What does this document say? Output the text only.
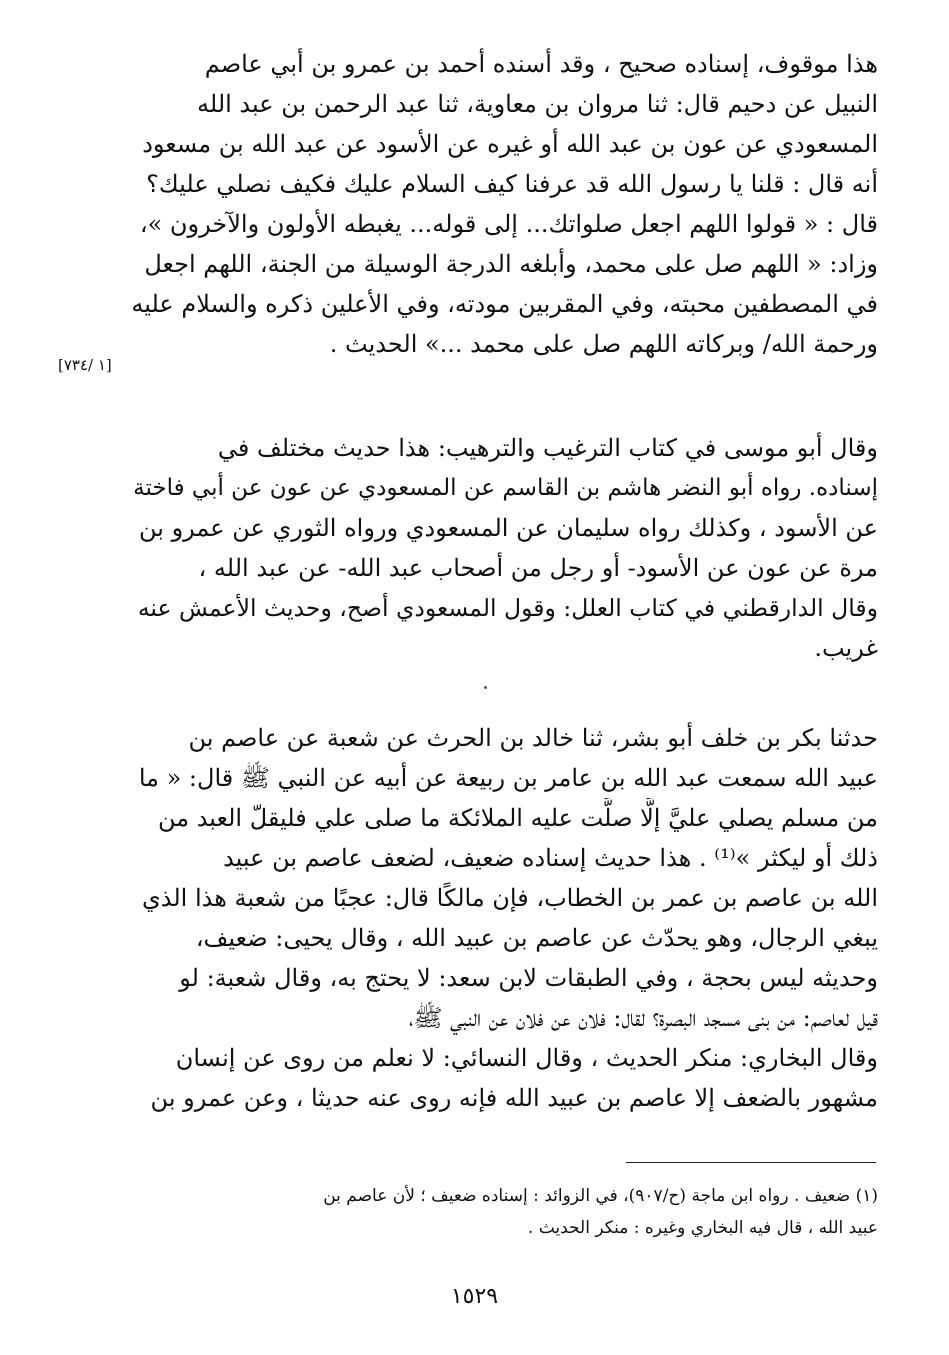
هذا موقوف، إسناده صحيح ، وقد أسنده أحمد بن عمرو بن أبي عاصم
النبيل عن دحيم قال: ثنا مروان بن معاوية، ثنا عبد الرحمن بن عبد الله
المسعودي عن عون بن عبد الله أو غيره عن الأسود عن عبد الله بن مسعود
أنه قال : قلنا يا رسول الله قد عرفنا كيف السلام عليك فكيف نصلي عليك؟
قال : « قولوا اللهم اجعل صلواتك... إلى قوله... يغبطه الأولون والآخرون »،
وزاد: « اللهم صل على محمد، وأبلغه الدرجة الوسيلة من الجنة، اللهم اجعل
في المصطفين محبته، وفي المقربين مودته، وفي الأعلين ذكره والسلام عليه
ورحمة الله/ وبركاته اللهم صل على محمد ...» الحديث .
[١ /٧٣٤]
وقال أبو موسى في كتاب الترغيب والترهيب: هذا حديث مختلف في
إسناده. رواه أبو النضر هاشم بن القاسم عن المسعودي عن عون عن أبي فاختة
عن الأسود ، وكذلك رواه سليمان عن المسعودي ورواه الثوري عن عمرو بن
مرة عن عون عن الأسود- أو رجل من أصحاب عبد الله- عن عبد الله ،
وقال الدارقطني في كتاب العلل: وقول المسعودي أصح، وحديث الأعمش عنه
غريب.
حدثنا بكر بن خلف أبو بشر، ثنا خالد بن الحرث عن شعبة عن عاصم بن
عبيد الله سمعت عبد الله بن عامر بن ربيعة عن أبيه عن النبي ﷺ قال: « ما
من مسلم يصلي عليَّ إلَّا صلَّت عليه الملائكة ما صلى علي فليقلّ العبد من
ذلك أو ليكثر »⁽¹⁾ . هذا حديث إسناده ضعيف، لضعف عاصم بن عبيد
الله بن عاصم بن عمر بن الخطاب، فإن مالكًا قال: عجبًا من شعبة هذا الذي
يبغي الرجال، وهو يحدّث عن عاصم بن عبيد الله ، وقال يحيى: ضعيف،
وحديثه ليس بحجة ، وفي الطبقات لابن سعد: لا يحتج به، وقال شعبة: لو
قيل لعاصم: من بنى مسجد البصرة؟ لقال: فلان عن فلان عن النبي ﷺ،
وقال البخاري: منكر الحديث ، وقال النسائي: لا نعلم من روى عن إنسان
مشهور بالضعف إلا عاصم بن عبيد الله فإنه روى عنه حديثا ، وعن عمرو بن
(١) ضعيف . رواه ابن ماجة (ح/٩٠٧)، في الزوائد : إسناده ضعيف ؛ لأن عاصم بن
عبيد الله ، قال فيه البخاري وغيره : منكر الحديث .
١٥٢٩
